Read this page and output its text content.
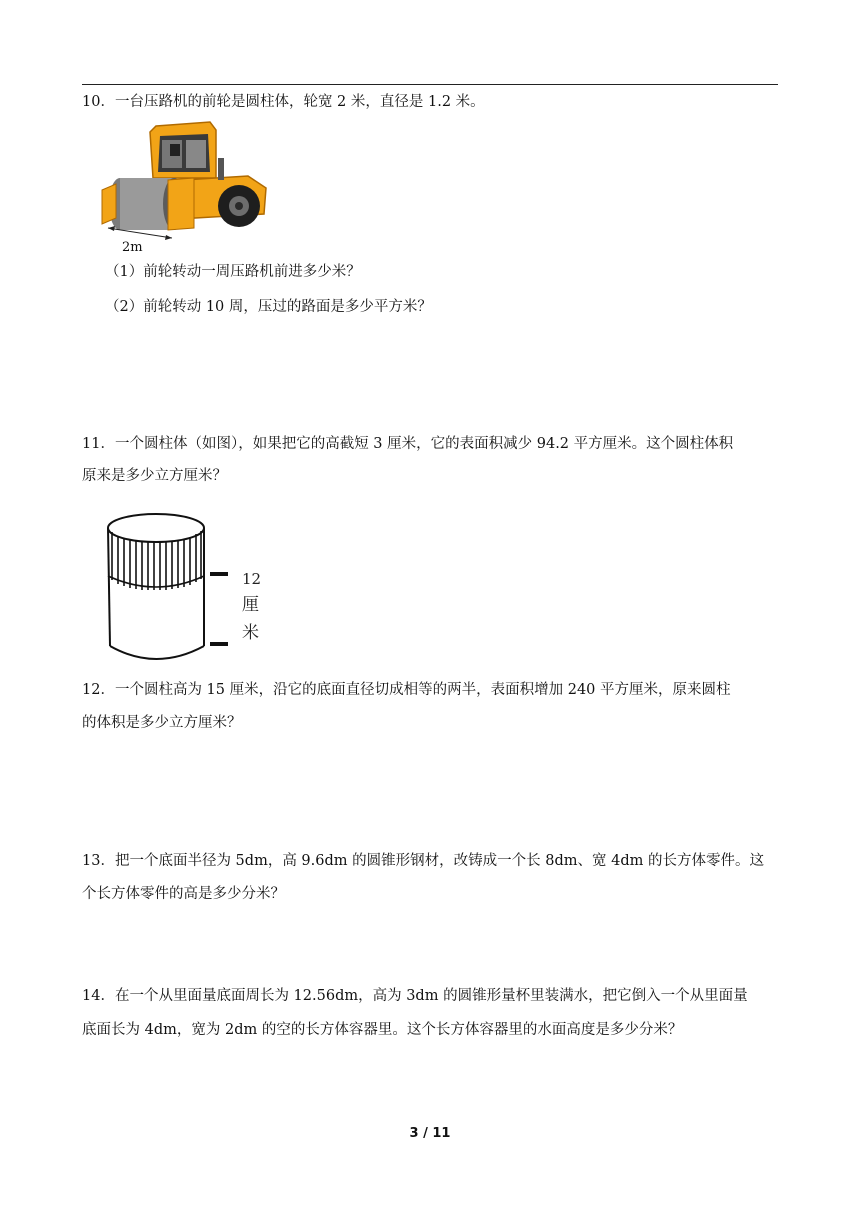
10．一台压路机的前轮是圆柱体，轮宽 2 米，直径是 1.2 米。

2m

（1）前轮转动一周压路机前进多少米？

（2）前轮转动 10 周，压过的路面是多少平方米？

11．一个圆柱体（如图），如果把它的高截短 3 厘米，它的表面积减少 94.2 平方厘米。这个圆柱体积

原来是多少立方厘米？

12
厘
米

12．一个圆柱高为 15 厘米，沿它的底面直径切成相等的两半，表面积增加 240 平方厘米，原来圆柱

的体积是多少立方厘米？

13．把一个底面半径为 5dm，高 9.6dm 的圆锥形钢材，改铸成一个长 8dm、宽 4dm 的长方体零件。这

个长方体零件的高是多少分米？

14．在一个从里面量底面周长为 12.56dm，高为 3dm 的圆锥形量杯里装满水，把它倒入一个从里面量

底面长为 4dm，宽为 2dm 的空的长方体容器里。这个长方体容器里的水面高度是多少分米？

3 / 11
